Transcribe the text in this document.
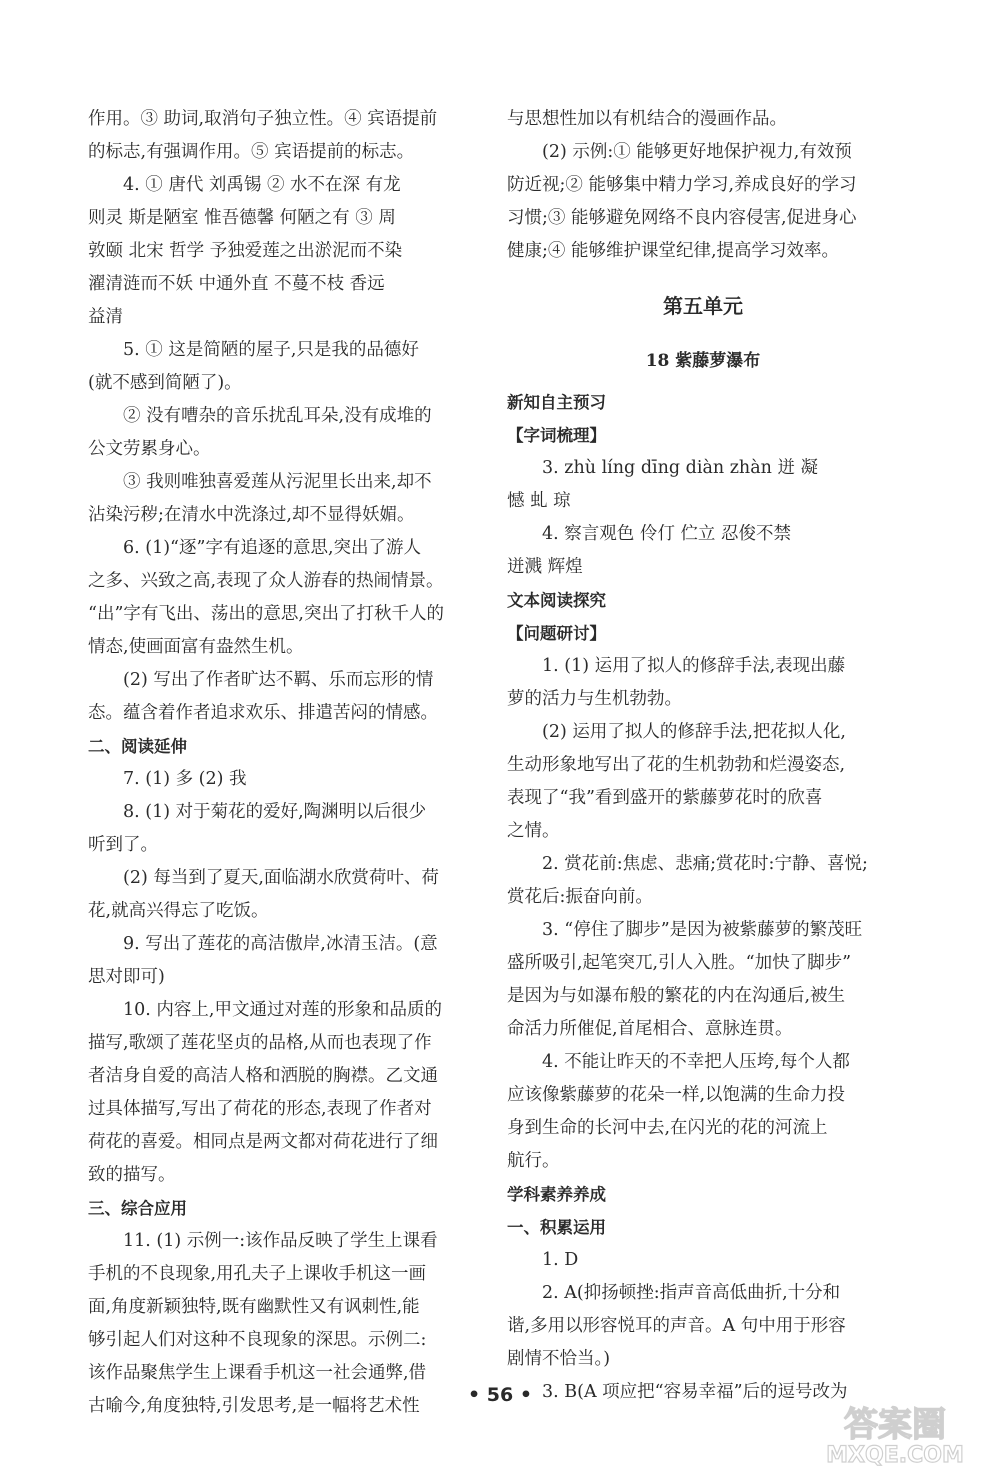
作用。③ 助词,取消句子独立性。④ 宾语提前
的标志,有强调作用。⑤ 宾语提前的标志。
4. ① 唐代 刘禹锡 ② 水不在深 有龙
则灵 斯是陋室 惟吾德馨 何陋之有 ③ 周
敦颐 北宋 哲学 予独爱莲之出淤泥而不染
濯清涟而不妖 中通外直 不蔓不枝 香远
益清
5. ① 这是简陋的屋子,只是我的品德好
(就不感到简陋了)。
② 没有嘈杂的音乐扰乱耳朵,没有成堆的
公文劳累身心。
③ 我则唯独喜爱莲从污泥里长出来,却不
沾染污秽;在清水中洗涤过,却不显得妖媚。
6. (1)“逐”字有追逐的意思,突出了游人
之多、兴致之高,表现了众人游春的热闹情景。
“出”字有飞出、荡出的意思,突出了打秋千人的
情态,使画面富有盎然生机。
(2) 写出了作者旷达不羁、乐而忘形的情
态。蕴含着作者追求欢乐、排遣苦闷的情感。
二、阅读延伸
7. (1) 多 (2) 我
8. (1) 对于菊花的爱好,陶渊明以后很少
听到了。
(2) 每当到了夏天,面临湖水欣赏荷叶、荷
花,就高兴得忘了吃饭。
9. 写出了莲花的高洁傲岸,冰清玉洁。(意
思对即可)
10. 内容上,甲文通过对莲的形象和品质的
描写,歌颂了莲花坚贞的品格,从而也表现了作
者洁身自爱的高洁人格和洒脱的胸襟。乙文通
过具体描写,写出了荷花的形态,表现了作者对
荷花的喜爱。相同点是两文都对荷花进行了细
致的描写。
三、综合应用
11. (1) 示例一:该作品反映了学生上课看
手机的不良现象,用孔夫子上课收手机这一画
面,角度新颖独特,既有幽默性又有讽刺性,能
够引起人们对这种不良现象的深思。示例二:
该作品聚焦学生上课看手机这一社会通弊,借
古喻今,角度独特,引发思考,是一幅将艺术性
与思想性加以有机结合的漫画作品。
(2) 示例:① 能够更好地保护视力,有效预
防近视;② 能够集中精力学习,养成良好的学习
习惯;③ 能够避免网络不良内容侵害,促进身心
健康;④ 能够维护课堂纪律,提高学习效率。
第五单元
18 紫藤萝瀑布
新知自主预习
【字词梳理】
3. zhù líng dīng diàn zhàn 迸 凝
憾 虬 琼
4. 察言观色 伶仃 伫立 忍俊不禁
迸溅 辉煌
文本阅读探究
【问题研讨】
1. (1) 运用了拟人的修辞手法,表现出藤
萝的活力与生机勃勃。
(2) 运用了拟人的修辞手法,把花拟人化,
生动形象地写出了花的生机勃勃和烂漫姿态,
表现了“我”看到盛开的紫藤萝花时的欣喜
之情。
2. 赏花前:焦虑、悲痛;赏花时:宁静、喜悦;
赏花后:振奋向前。
3. “停住了脚步”是因为被紫藤萝的繁茂旺
盛所吸引,起笔突兀,引人入胜。“加快了脚步”
是因为与如瀑布般的繁花的内在沟通后,被生
命活力所催促,首尾相合、意脉连贯。
4. 不能让昨天的不幸把人压垮,每个人都
应该像紫藤萝的花朵一样,以饱满的生命力投
身到生命的长河中去,在闪光的花的河流上
航行。
学科素养养成
一、积累运用
1. D
2. A(抑扬顿挫:指声音高低曲折,十分和
谐,多用以形容悦耳的声音。A 句中用于形容
剧情不恰当。)
3. B(A 项应把“容易幸福”后的逗号改为
• 56 •
答案圈
MXQE.COM
